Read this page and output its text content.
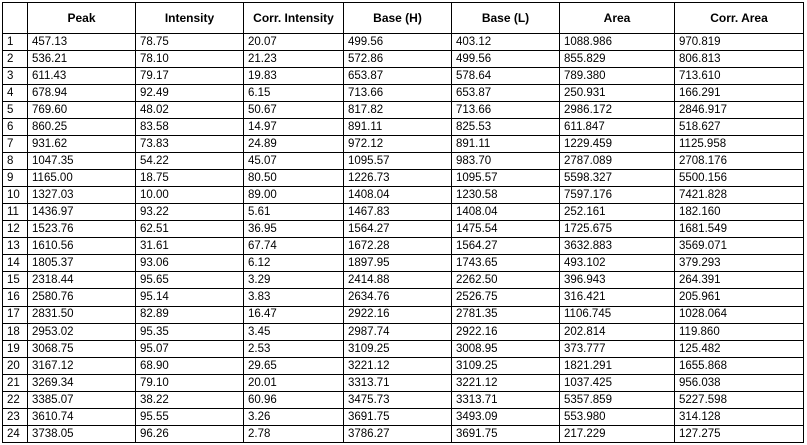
	Peak	Intensity	Corr. Intensity	Base (H)	Base (L)	Area	Corr. Area
1	457.13	78.75	20.07	499.56	403.12	1088.986	970.819
2	536.21	78.10	21.23	572.86	499.56	855.829	806.813
3	611.43	79.17	19.83	653.87	578.64	789.380	713.610
4	678.94	92.49	6.15	713.66	653.87	250.931	166.291
5	769.60	48.02	50.67	817.82	713.66	2986.172	2846.917
6	860.25	83.58	14.97	891.11	825.53	611.847	518.627
7	931.62	73.83	24.89	972.12	891.11	1229.459	1125.958
8	1047.35	54.22	45.07	1095.57	983.70	2787.089	2708.176
9	1165.00	18.75	80.50	1226.73	1095.57	5598.327	5500.156
10	1327.03	10.00	89.00	1408.04	1230.58	7597.176	7421.828
11	1436.97	93.22	5.61	1467.83	1408.04	252.161	182.160
12	1523.76	62.51	36.95	1564.27	1475.54	1725.675	1681.549
13	1610.56	31.61	67.74	1672.28	1564.27	3632.883	3569.071
14	1805.37	93.06	6.12	1897.95	1743.65	493.102	379.293
15	2318.44	95.65	3.29	2414.88	2262.50	396.943	264.391
16	2580.76	95.14	3.83	2634.76	2526.75	316.421	205.961
17	2831.50	82.89	16.47	2922.16	2781.35	1106.745	1028.064
18	2953.02	95.35	3.45	2987.74	2922.16	202.814	119.860
19	3068.75	95.07	2.53	3109.25	3008.95	373.777	125.482
20	3167.12	68.90	29.65	3221.12	3109.25	1821.291	1655.868
21	3269.34	79.10	20.01	3313.71	3221.12	1037.425	956.038
22	3385.07	38.22	60.96	3475.73	3313.71	5357.859	5227.598
23	3610.74	95.55	3.26	3691.75	3493.09	553.980	314.128
24	3738.05	96.26	2.78	3786.27	3691.75	217.229	127.275
